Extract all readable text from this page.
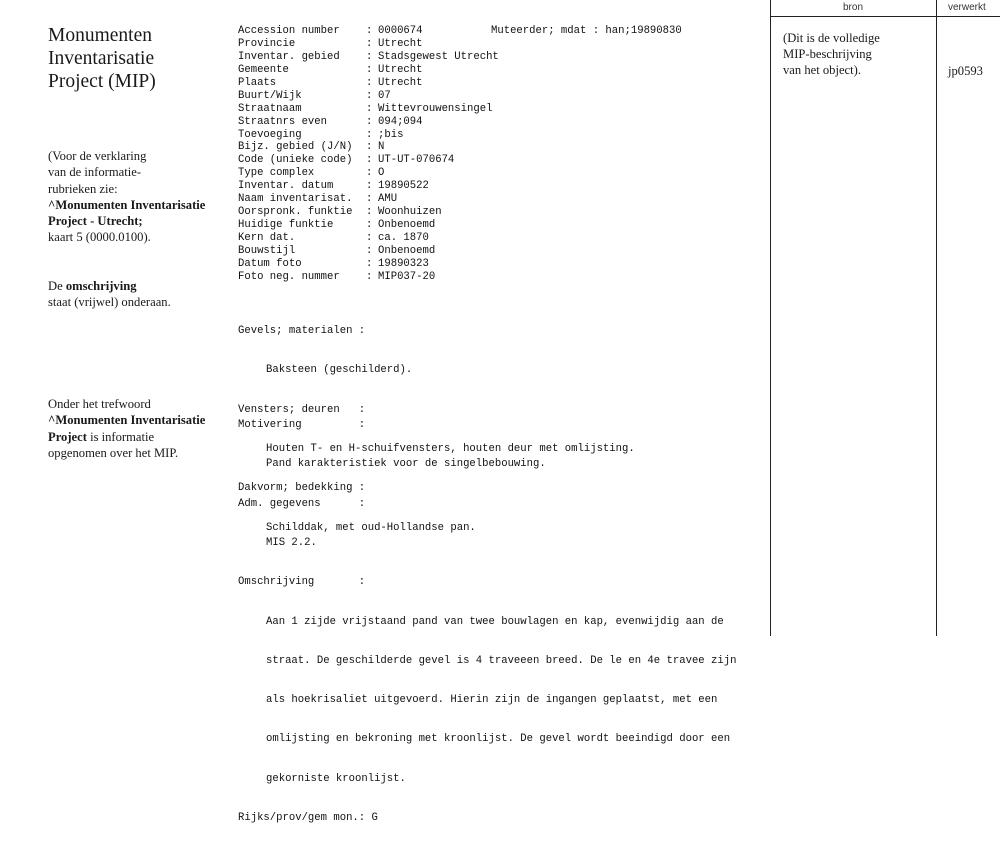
Monumenten
Inventarisatie
Project (MIP)
(Voor de verklaring
van de informatie-
rubrieken zie:
^Monumenten Inventarisatie
Project - Utrecht;
kaart 5 (0000.0100).
De omschrijving
staat (vrijwel) onderaan.
Onder het trefwoord
^Monumenten Inventarisatie
Project is informatie
opgenomen over het MIP.
Muteerder; mdat : han;19890830
Accession number	: 0000674
Provincie	: Utrecht
Inventar. gebied	: Stadsgewest Utrecht
Gemeente	: Utrecht
Plaats	: Utrecht
Buurt/Wijk	: 07
Straatnaam	: Wittevrouwensingel
Straatnrs even	: 094;094
Toevoeging	: ;bis
Bijz. gebied (J/N)	: N
Code (unieke code)	: UT-UT-070674
Type complex	: O
Inventar. datum	: 19890522
Naam inventarisat.	: AMU
Oorspronk. funktie	: Woonhuizen
Huidige funktie	: Onbenoemd
Kern dat.	: ca. 1870
Bouwstijl	: Onbenoemd
Datum foto	: 19890323
Foto neg. nummer	: MIP037-20

Gevels; materialen :

Baksteen (geschilderd).

Vensters; deuren   :

Houten T- en H-schuifvensters, houten deur met omlijsting.

Dakvorm; bedekking :

Schilddak, met oud-Hollandse pan.

Motivering         :

Pand karakteristiek voor de singelbebouwing.

Adm. gegevens      :

MIS 2.2.

Omschrijving       :

Aan 1 zijde vrijstaand pand van twee bouwlagen en kap, evenwijdig aan de

straat. De geschilderde gevel is 4 traveeen breed. De le en 4e travee zijn

als hoekrisaliet uitgevoerd. Hierin zijn de ingangen geplaatst, met een

omlijsting en bekroning met kroonlijst. De gevel wordt beeindigd door een

gekorniste kroonlijst.

Rijks/prov/gem mon.: G

bron	verwerkt
(Dit is de volledige
MIP-beschrijving
van het object).	jp0593
